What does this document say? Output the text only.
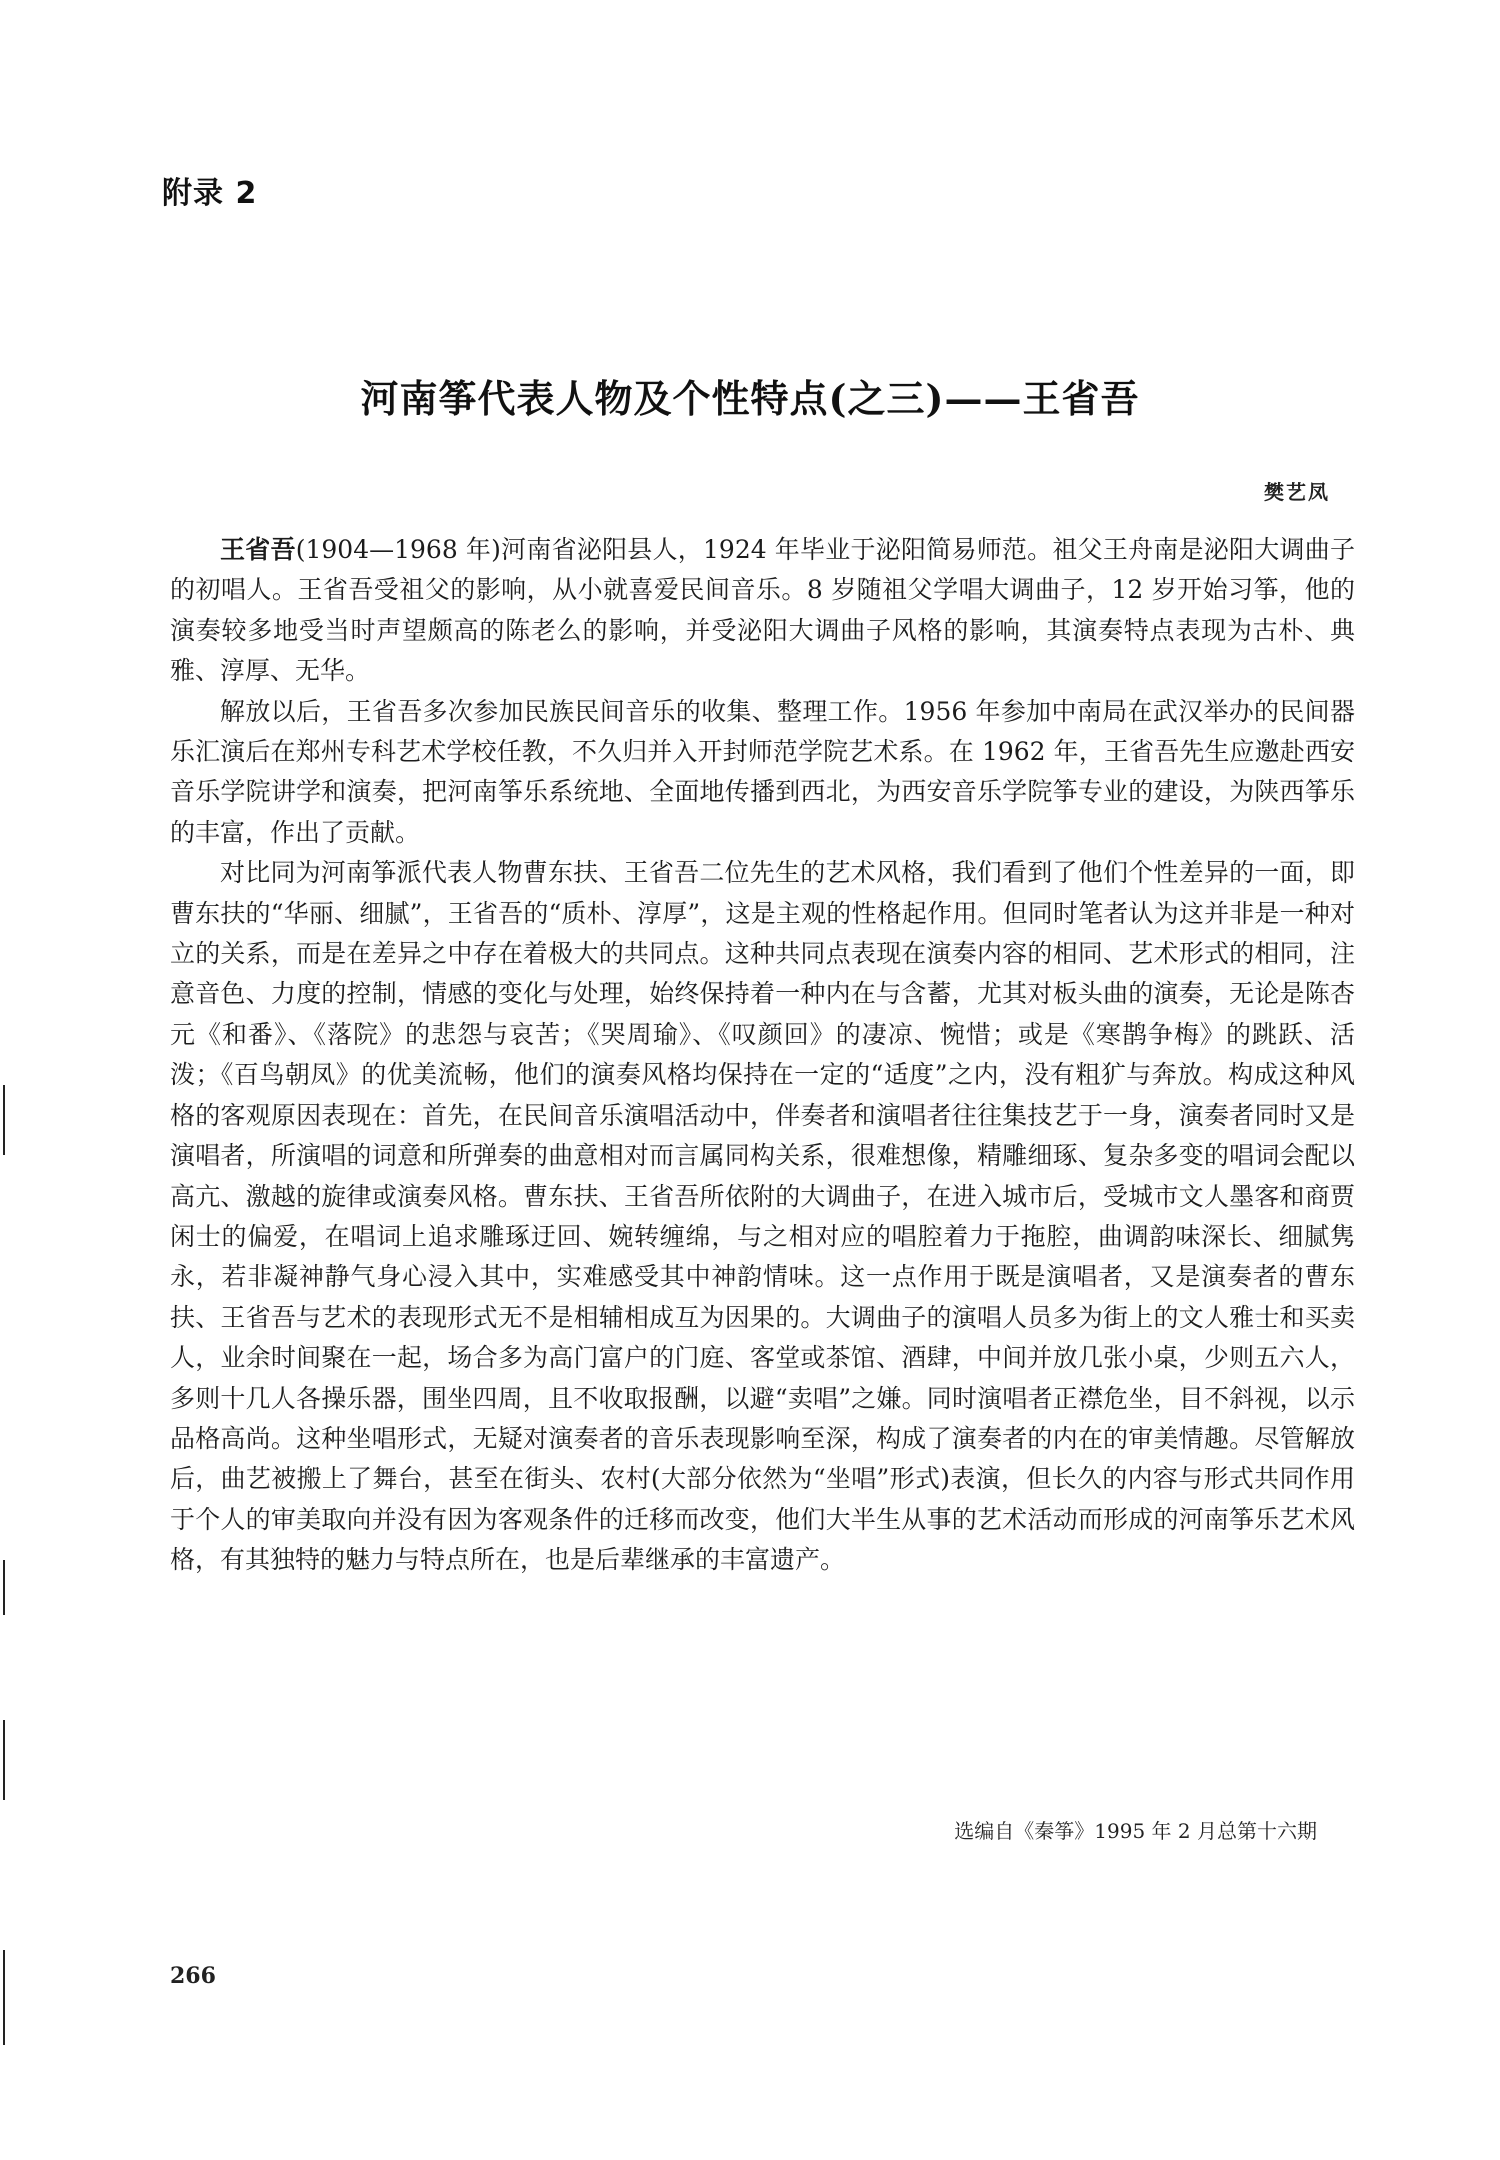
附录 2
河南筝代表人物及个性特点(之三)——王省吾

樊艺凤

王省吾(1904—1968 年)河南省泌阳县人，1924 年毕业于泌阳简易师范。祖父王舟南是泌阳大调曲子的初唱人。王省吾受祖父的影响，从小就喜爱民间音乐。8 岁随祖父学唱大调曲子，12 岁开始习筝，他的演奏较多地受当时声望颇高的陈老么的影响，并受泌阳大调曲子风格的影响，其演奏特点表现为古朴、典雅、淳厚、无华。

解放以后，王省吾多次参加民族民间音乐的收集、整理工作。1956 年参加中南局在武汉举办的民间器乐汇演后在郑州专科艺术学校任教，不久归并入开封师范学院艺术系。在 1962 年，王省吾先生应邀赴西安音乐学院讲学和演奏，把河南筝乐系统地、全面地传播到西北，为西安音乐学院筝专业的建设，为陕西筝乐的丰富，作出了贡献。

对比同为河南筝派代表人物曹东扶、王省吾二位先生的艺术风格，我们看到了他们个性差异的一面，即曹东扶的“华丽、细腻”，王省吾的“质朴、淳厚”，这是主观的性格起作用。但同时笔者认为这并非是一种对立的关系，而是在差异之中存在着极大的共同点。这种共同点表现在演奏内容的相同、艺术形式的相同，注意音色、力度的控制，情感的变化与处理，始终保持着一种内在与含蓄，尤其对板头曲的演奏，无论是陈杏元《和番》、《落院》的悲怨与哀苦；《哭周瑜》、《叹颜回》的凄凉、惋惜；或是《寒鹊争梅》的跳跃、活泼；《百鸟朝凤》的优美流畅，他们的演奏风格均保持在一定的“适度”之内，没有粗犷与奔放。构成这种风格的客观原因表现在：首先，在民间音乐演唱活动中，伴奏者和演唱者往往集技艺于一身，演奏者同时又是演唱者，所演唱的词意和所弹奏的曲意相对而言属同构关系，很难想像，精雕细琢、复杂多变的唱词会配以高亢、激越的旋律或演奏风格。曹东扶、王省吾所依附的大调曲子，在进入城市后，受城市文人墨客和商贾闲士的偏爱，在唱词上追求雕琢迂回、婉转缠绵，与之相对应的唱腔着力于拖腔，曲调韵味深长、细腻隽永，若非凝神静气身心浸入其中，实难感受其中神韵情味。这一点作用于既是演唱者，又是演奏者的曹东扶、王省吾与艺术的表现形式无不是相辅相成互为因果的。大调曲子的演唱人员多为街上的文人雅士和买卖人，业余时间聚在一起，场合多为高门富户的门庭、客堂或茶馆、酒肆，中间并放几张小桌，少则五六人，多则十几人各操乐器，围坐四周，且不收取报酬，以避“卖唱”之嫌。同时演唱者正襟危坐，目不斜视，以示品格高尚。这种坐唱形式，无疑对演奏者的音乐表现影响至深，构成了演奏者的内在的审美情趣。尽管解放后，曲艺被搬上了舞台，甚至在街头、农村(大部分依然为“坐唱”形式)表演，但长久的内容与形式共同作用于个人的审美取向并没有因为客观条件的迁移而改变，他们大半生从事的艺术活动而形成的河南筝乐艺术风格，有其独特的魅力与特点所在，也是后辈继承的丰富遗产。

选编自《秦筝》1995 年 2 月总第十六期

266
